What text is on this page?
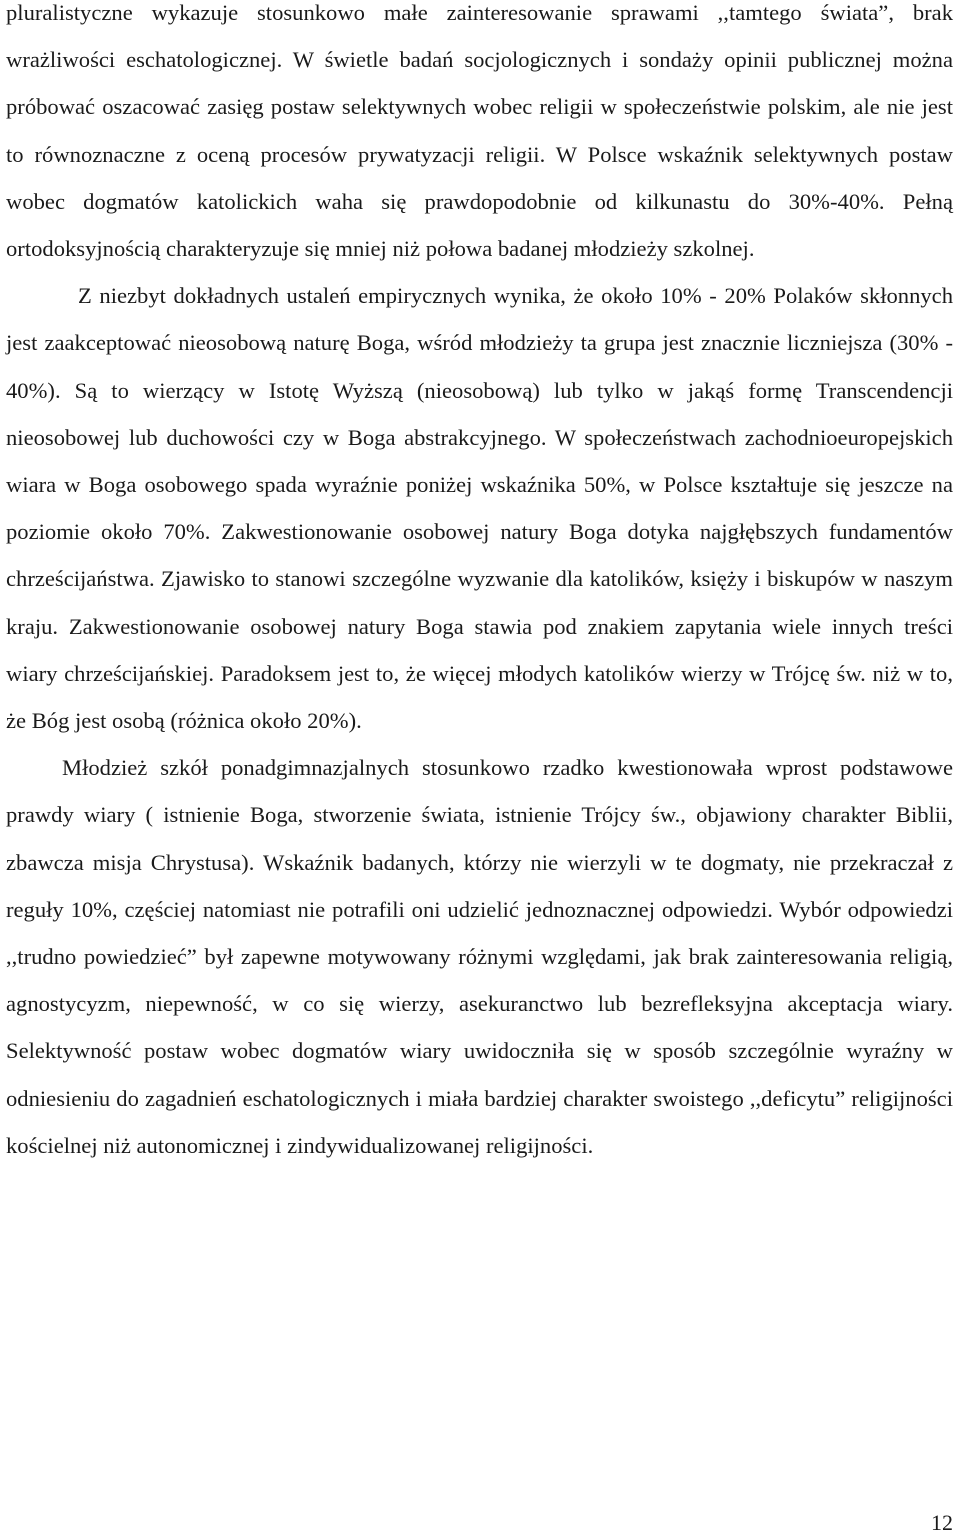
pluralistyczne wykazuje stosunkowo małe zainteresowanie sprawami ,,tamtego świata”, brak wrażliwości eschatologicznej. W świetle badań socjologicznych i sondaży opinii publicznej można próbować oszacować zasięg postaw selektywnych wobec religii w społeczeństwie polskim, ale nie jest to równoznaczne z oceną procesów prywatyzacji religii. W Polsce wskaźnik selektywnych postaw wobec dogmatów katolickich waha się prawdopodobnie od kilkunastu do 30%-40%. Pełną ortodoksyjnością charakteryzuje się mniej niż połowa badanej młodzieży szkolnej.

Z niezbyt dokładnych ustaleń empirycznych wynika, że około 10% - 20% Polaków skłonnych jest zaakceptować nieosobową naturę Boga, wśród młodzieży ta grupa jest znacznie liczniejsza (30% - 40%). Są to wierzący w Istotę Wyższą (nieosobową) lub tylko w jakąś formę Transcendencji nieosobowej lub duchowości czy w Boga abstrakcyjnego. W społeczeństwach zachodnioeuropejskich wiara w Boga osobowego spada wyraźnie poniżej wskaźnika 50%, w Polsce kształtuje się jeszcze na poziomie około 70%. Zakwestionowanie osobowej natury Boga dotyka najgłębszych fundamentów chrześcijaństwa. Zjawisko to stanowi szczególne wyzwanie dla katolików, księży i biskupów w naszym kraju. Zakwestionowanie osobowej natury Boga stawia pod znakiem zapytania wiele innych treści wiary chrześcijańskiej. Paradoksem jest to, że więcej młodych katolików wierzy w Trójcę św. niż w to, że Bóg jest osobą (różnica około 20%).

Młodzież szkół ponadgimnazjalnych stosunkowo rzadko kwestionowała wprost podstawowe prawdy wiary ( istnienie Boga, stworzenie świata, istnienie Trójcy św., objawiony charakter Biblii, zbawcza misja Chrystusa). Wskaźnik badanych, którzy nie wierzyli w te dogmaty, nie przekraczał z reguły 10%, częściej natomiast nie potrafili oni udzielić jednoznacznej odpowiedzi. Wybór odpowiedzi ,,trudno powiedzieć” był zapewne motywowany różnymi względami, jak brak zainteresowania religią, agnostycyzm, niepewność, w co się wierzy, asekuranctwo lub bezrefleksyjna akceptacja wiary. Selektywność postaw wobec dogmatów wiary uwidoczniła się w sposób szczególnie wyraźny w odniesieniu do zagadnień eschatologicznych i miała bardziej charakter swoistego ,,deficytu” religijności kościelnej niż autonomicznej i zindywidualizowanej religijności.

12
